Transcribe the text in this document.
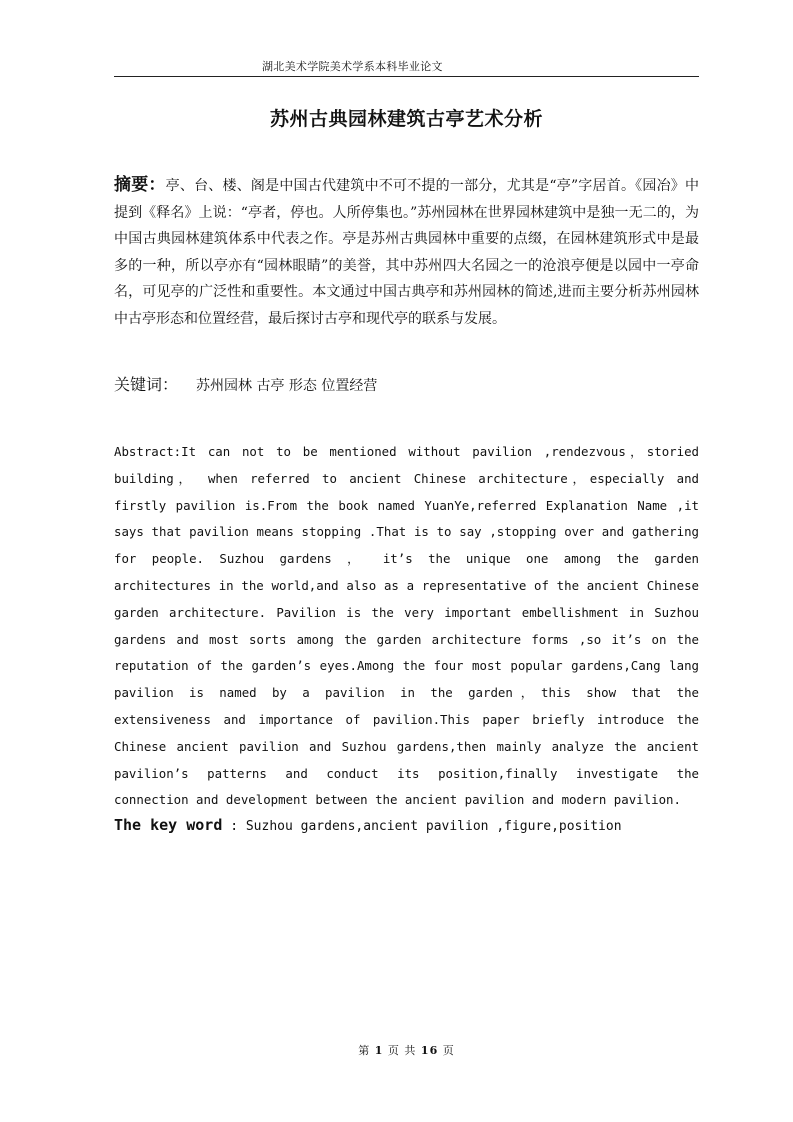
湖北美术学院美术学系本科毕业论文
苏州古典园林建筑古亭艺术分析
摘要：亭、台、楼、阁是中国古代建筑中不可不提的一部分，尤其是“亭”字居首。《园冶》中提到《释名》上说：“亭者，停也。人所停集也。”苏州园林在世界园林建筑中是独一无二的，为中国古典园林建筑体系中代表之作。亭是苏州古典园林中重要的点缀，在园林建筑形式中是最多的一种，所以亭亦有“园林眼睛”的美誉，其中苏州四大名园之一的沧浪亭便是以园中一亭命名，可见亭的广泛性和重要性。本文通过中国古典亭和苏州园林的简述,进而主要分析苏州园林中古亭形态和位置经营，最后探讨古亭和现代亭的联系与发展。
关键词： 苏州园林 古亭 形态 位置经营
Abstract:It can not to be mentioned without pavilion ,rendezvous，storied building， when referred to ancient Chinese architecture，especially and firstly pavilion is.From the book named YuanYe,referred Explanation Name ,it says that pavilion means stopping .That is to say ,stopping over and gathering for people. Suzhou gardens ， it’s the unique one among the garden architectures in the world,and also as a representative of the ancient Chinese garden architecture. Pavilion is the very important embellishment in Suzhou gardens and most sorts among the garden architecture forms ,so it’s on the reputation of the garden’s eyes.Among the four most popular gardens,Cang lang pavilion is named by a pavilion in the garden，this show that the extensiveness and importance of pavilion.This paper briefly introduce the Chinese ancient pavilion and Suzhou gardens,then mainly analyze the ancient pavilion’s patterns and conduct its position,finally investigate the connection and development between the ancient pavilion and modern pavilion.
The key word : Suzhou gardens,ancient pavilion ,figure,position
第 1 页 共 16 页
